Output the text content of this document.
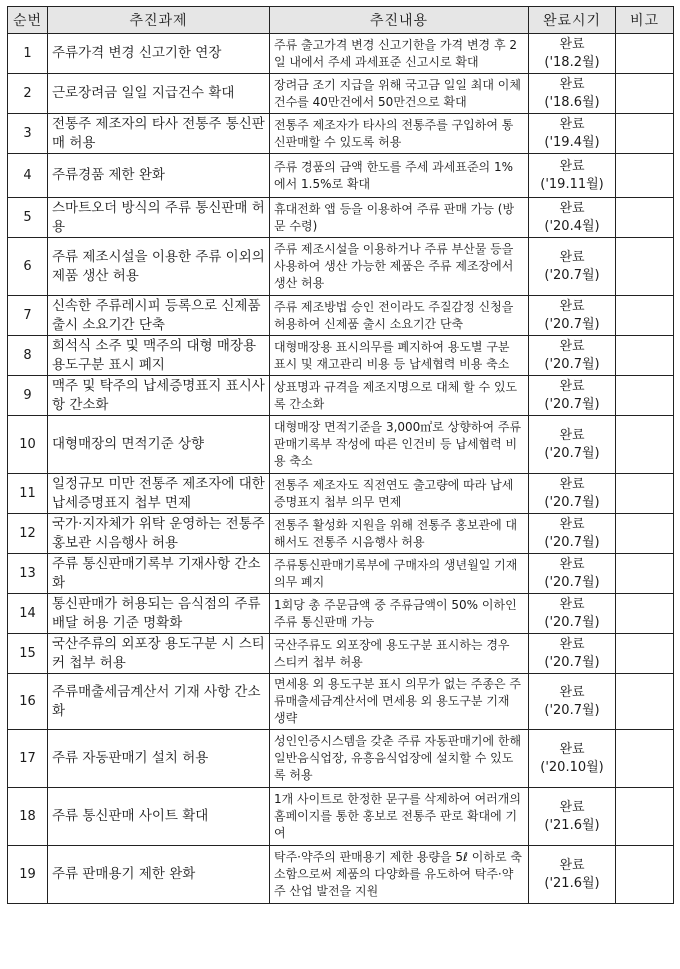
순번	추진과제	추진내용	완료시기	비고
1	주류가격 변경 신고기한 연장	주류 출고가격 변경 신고기한을 가격 변경 후 2일 내에서 주세 과세표준 신고시로 확대	완료
('18.2월)	

2	근로장려금 일일 지급건수 확대	장려금 조기 지급을 위해 국고금 일일 최대 이체건수를 40만건에서 50만건으로 확대	완료
('18.6월)	

3	전통주 제조자의 타사 전통주 통신판매 허용	전통주 제조자가 타사의 전통주를 구입하여 통신판매할 수 있도록 허용	완료
('19.4월)	

4	주류경품 제한 완화	주류 경품의 금액 한도를 주세 과세표준의 1%에서 1.5%로 확대	완료
('19.11월)	

5	스마트오더 방식의 주류 통신판매 허용	휴대전화 앱 등을 이용하여 주류 판매 가능 (방문 수령)	완료
('20.4월)	

6	주류 제조시설을 이용한 주류 이외의 제품 생산 허용	주류 제조시설을 이용하거나 주류 부산물 등을 사용하여 생산 가능한 제품은 주류 제조장에서 생산 허용	완료
('20.7월)	

7	신속한 주류레시피 등록으로 신제품 출시 소요기간 단축	주류 제조방법 승인 전이라도 주질감정 신청을 허용하여 신제품 출시 소요기간 단축	완료
('20.7월)	

8	희석식 소주 및 맥주의 대형 매장용 용도구분 표시 폐지	대형매장용 표시의무를 폐지하여 용도별 구분 표시 및 재고관리 비용 등 납세협력 비용 축소	완료
('20.7월)	

9	맥주 및 탁주의 납세증명표지 표시사항 간소화	상표명과 규격을 제조지명으로 대체 할 수 있도록 간소화	완료
('20.7월)	

10	대형매장의 면적기준 상향	대형매장 면적기준을 3,000㎡로 상향하여 주류판매기록부 작성에 따른 인건비 등 납세협력 비용 축소	완료
('20.7월)	

11	일정규모 미만 전통주 제조자에 대한 납세증명표지 첩부 면제	전통주 제조자도 직전연도 출고량에 따라 납세증명표지 첩부 의무 면제	완료
('20.7월)	

12	국가·지자체가 위탁 운영하는 전통주 홍보관 시음행사 허용	전통주 활성화 지원을 위해 전통주 홍보관에 대해서도 전통주 시음행사 허용	완료
('20.7월)	

13	주류 통신판매기록부 기재사항 간소화	주류통신판매기록부에 구매자의 생년월일 기재의무 폐지	완료
('20.7월)	

14	통신판매가 허용되는 음식점의 주류배달 허용 기준 명확화	1회당 총 주문금액 중 주류금액이 50% 이하인 주류 통신판매 가능	완료
('20.7월)	

15	국산주류의 외포장 용도구분 시 스티커 첩부 허용	국산주류도 외포장에 용도구분 표시하는 경우 스티커 첩부 허용	완료
('20.7월)	

16	주류매출세금계산서 기재 사항 간소화	면세용 외 용도구분 표시 의무가 없는 주종은 주류매출세금계산서에 면세용 외 용도구분 기재 생략	완료
('20.7월)	

17	주류 자동판매기 설치 허용	성인인증시스템을 갖춘 주류 자동판매기에 한해 일반음식업장, 유흥음식업장에 설치할 수 있도록 허용	완료
('20.10월)	

18	주류 통신판매 사이트 확대	1개 사이트로 한정한 문구를 삭제하여 여러개의 홈페이지를 통한 홍보로 전통주 판로 확대에 기여	완료
('21.6월)	

19	주류 판매용기 제한 완화	탁주·약주의 판매용기 제한 용량을 5ℓ 이하로 축소함으로써 제품의 다양화를 유도하여 탁주·약주 산업 발전을 지원	완료
('21.6월)	
